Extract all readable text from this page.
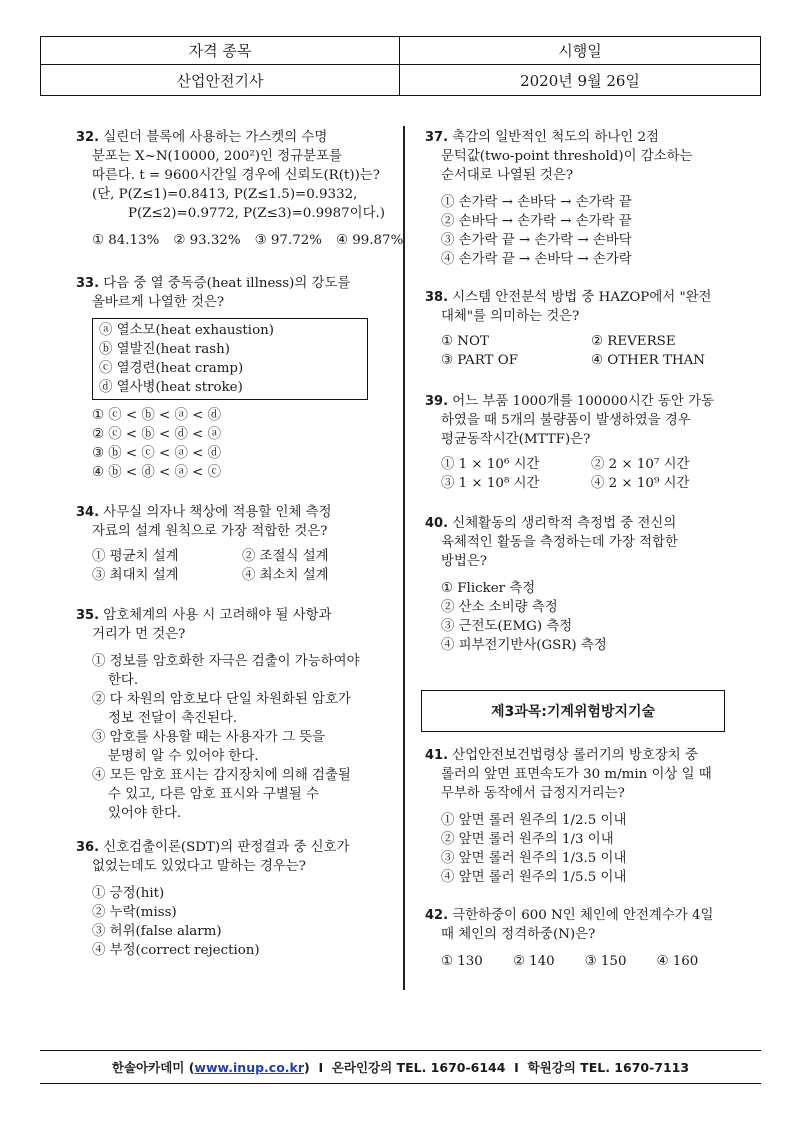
자격 종목	시행일
산업안전기사	2020년 9월 26일
32. 실린더 블록에 사용하는 가스켓의 수명
분포는 X~N(10000, 200²)인 정규분포를
따른다. t = 9600시간일 경우에 신뢰도(R(t))는?
(단, P(Z≤1)=0.8413, P(Z≤1.5)=0.9332,
P(Z≤2)=0.9772, P(Z≤3)=0.9987이다.)
① 84.13% ② 93.32% ③ 97.72% ④ 99.87%
33. 다음 중 열 중독증(heat illness)의 강도를
올바르게 나열한 것은?
ⓐ 열소모(heat exhaustion)
ⓑ 열발진(heat rash)
ⓒ 열경련(heat cramp)
ⓓ 열사병(heat stroke)
① ⓒ < ⓑ < ⓐ < ⓓ
② ⓒ < ⓑ < ⓓ < ⓐ
③ ⓑ < ⓒ < ⓐ < ⓓ
④ ⓑ < ⓓ < ⓐ < ⓒ
34. 사무실 의자나 책상에 적용할 인체 측정
자료의 설계 원칙으로 가장 적합한 것은?
① 평균치 설계	② 조절식 설계
③ 최대치 설계	④ 최소치 설계
35. 암호체계의 사용 시 고려해야 될 사항과
거리가 먼 것은?
① 정보를 암호화한 자극은 검출이 가능하여야
한다.
② 다 차원의 암호보다 단일 차원화된 암호가
정보 전달이 촉진된다.
③ 암호를 사용할 때는 사용자가 그 뜻을
분명히 알 수 있어야 한다.
④ 모든 암호 표시는 감지장치에 의해 검출될
수 있고, 다른 암호 표시와 구별될 수
있어야 한다.
36. 신호검출이론(SDT)의 판정결과 중 신호가
없었는데도 있었다고 말하는 경우는?
① 긍정(hit)
② 누락(miss)
③ 허위(false alarm)
④ 부정(correct rejection)
37. 촉감의 일반적인 척도의 하나인 2점
문턱값(two-point threshold)이 감소하는
순서대로 나열된 것은?
① 손가락 → 손바닥 → 손가락 끝
② 손바닥 → 손가락 → 손가락 끝
③ 손가락 끝 → 손가락 → 손바닥
④ 손가락 끝 → 손바닥 → 손가락
38. 시스템 안전분석 방법 중 HAZOP에서 "완전
대체"를 의미하는 것은?
① NOT	② REVERSE
③ PART OF	④ OTHER THAN
39. 어느 부품 1000개를 100000시간 동안 가동
하였을 때 5개의 불량품이 발생하였을 경우
평균동작시간(MTTF)은?
① 1 × 10⁶ 시간	② 2 × 10⁷ 시간
③ 1 × 10⁸ 시간	④ 2 × 10⁹ 시간
40. 신체활동의 생리학적 측정법 중 전신의
육체적인 활동을 측정하는데 가장 적합한
방법은?
① Flicker 측정
② 산소 소비량 측정
③ 근전도(EMG) 측정
④ 피부전기반사(GSR) 측정
제3과목:기계위험방지기술
41. 산업안전보건법령상 롤러기의 방호장치 중
롤러의 앞면 표면속도가 30 m/min 이상 일 때
무부하 동작에서 급정지거리는?
① 앞면 롤러 원주의 1/2.5 이내
② 앞면 롤러 원주의 1/3 이내
③ 앞면 롤러 원주의 1/3.5 이내
④ 앞면 롤러 원주의 1/5.5 이내
42. 극한하중이 600 N인 체인에 안전계수가 4일
때 체인의 정격하중(N)은?
① 130 ② 140 ③ 150 ④ 160
한솔아카데미 ( www.inup.co.kr ) I 온라인강의 TEL. 1670-6144 I 학원강의 TEL. 1670-7113
